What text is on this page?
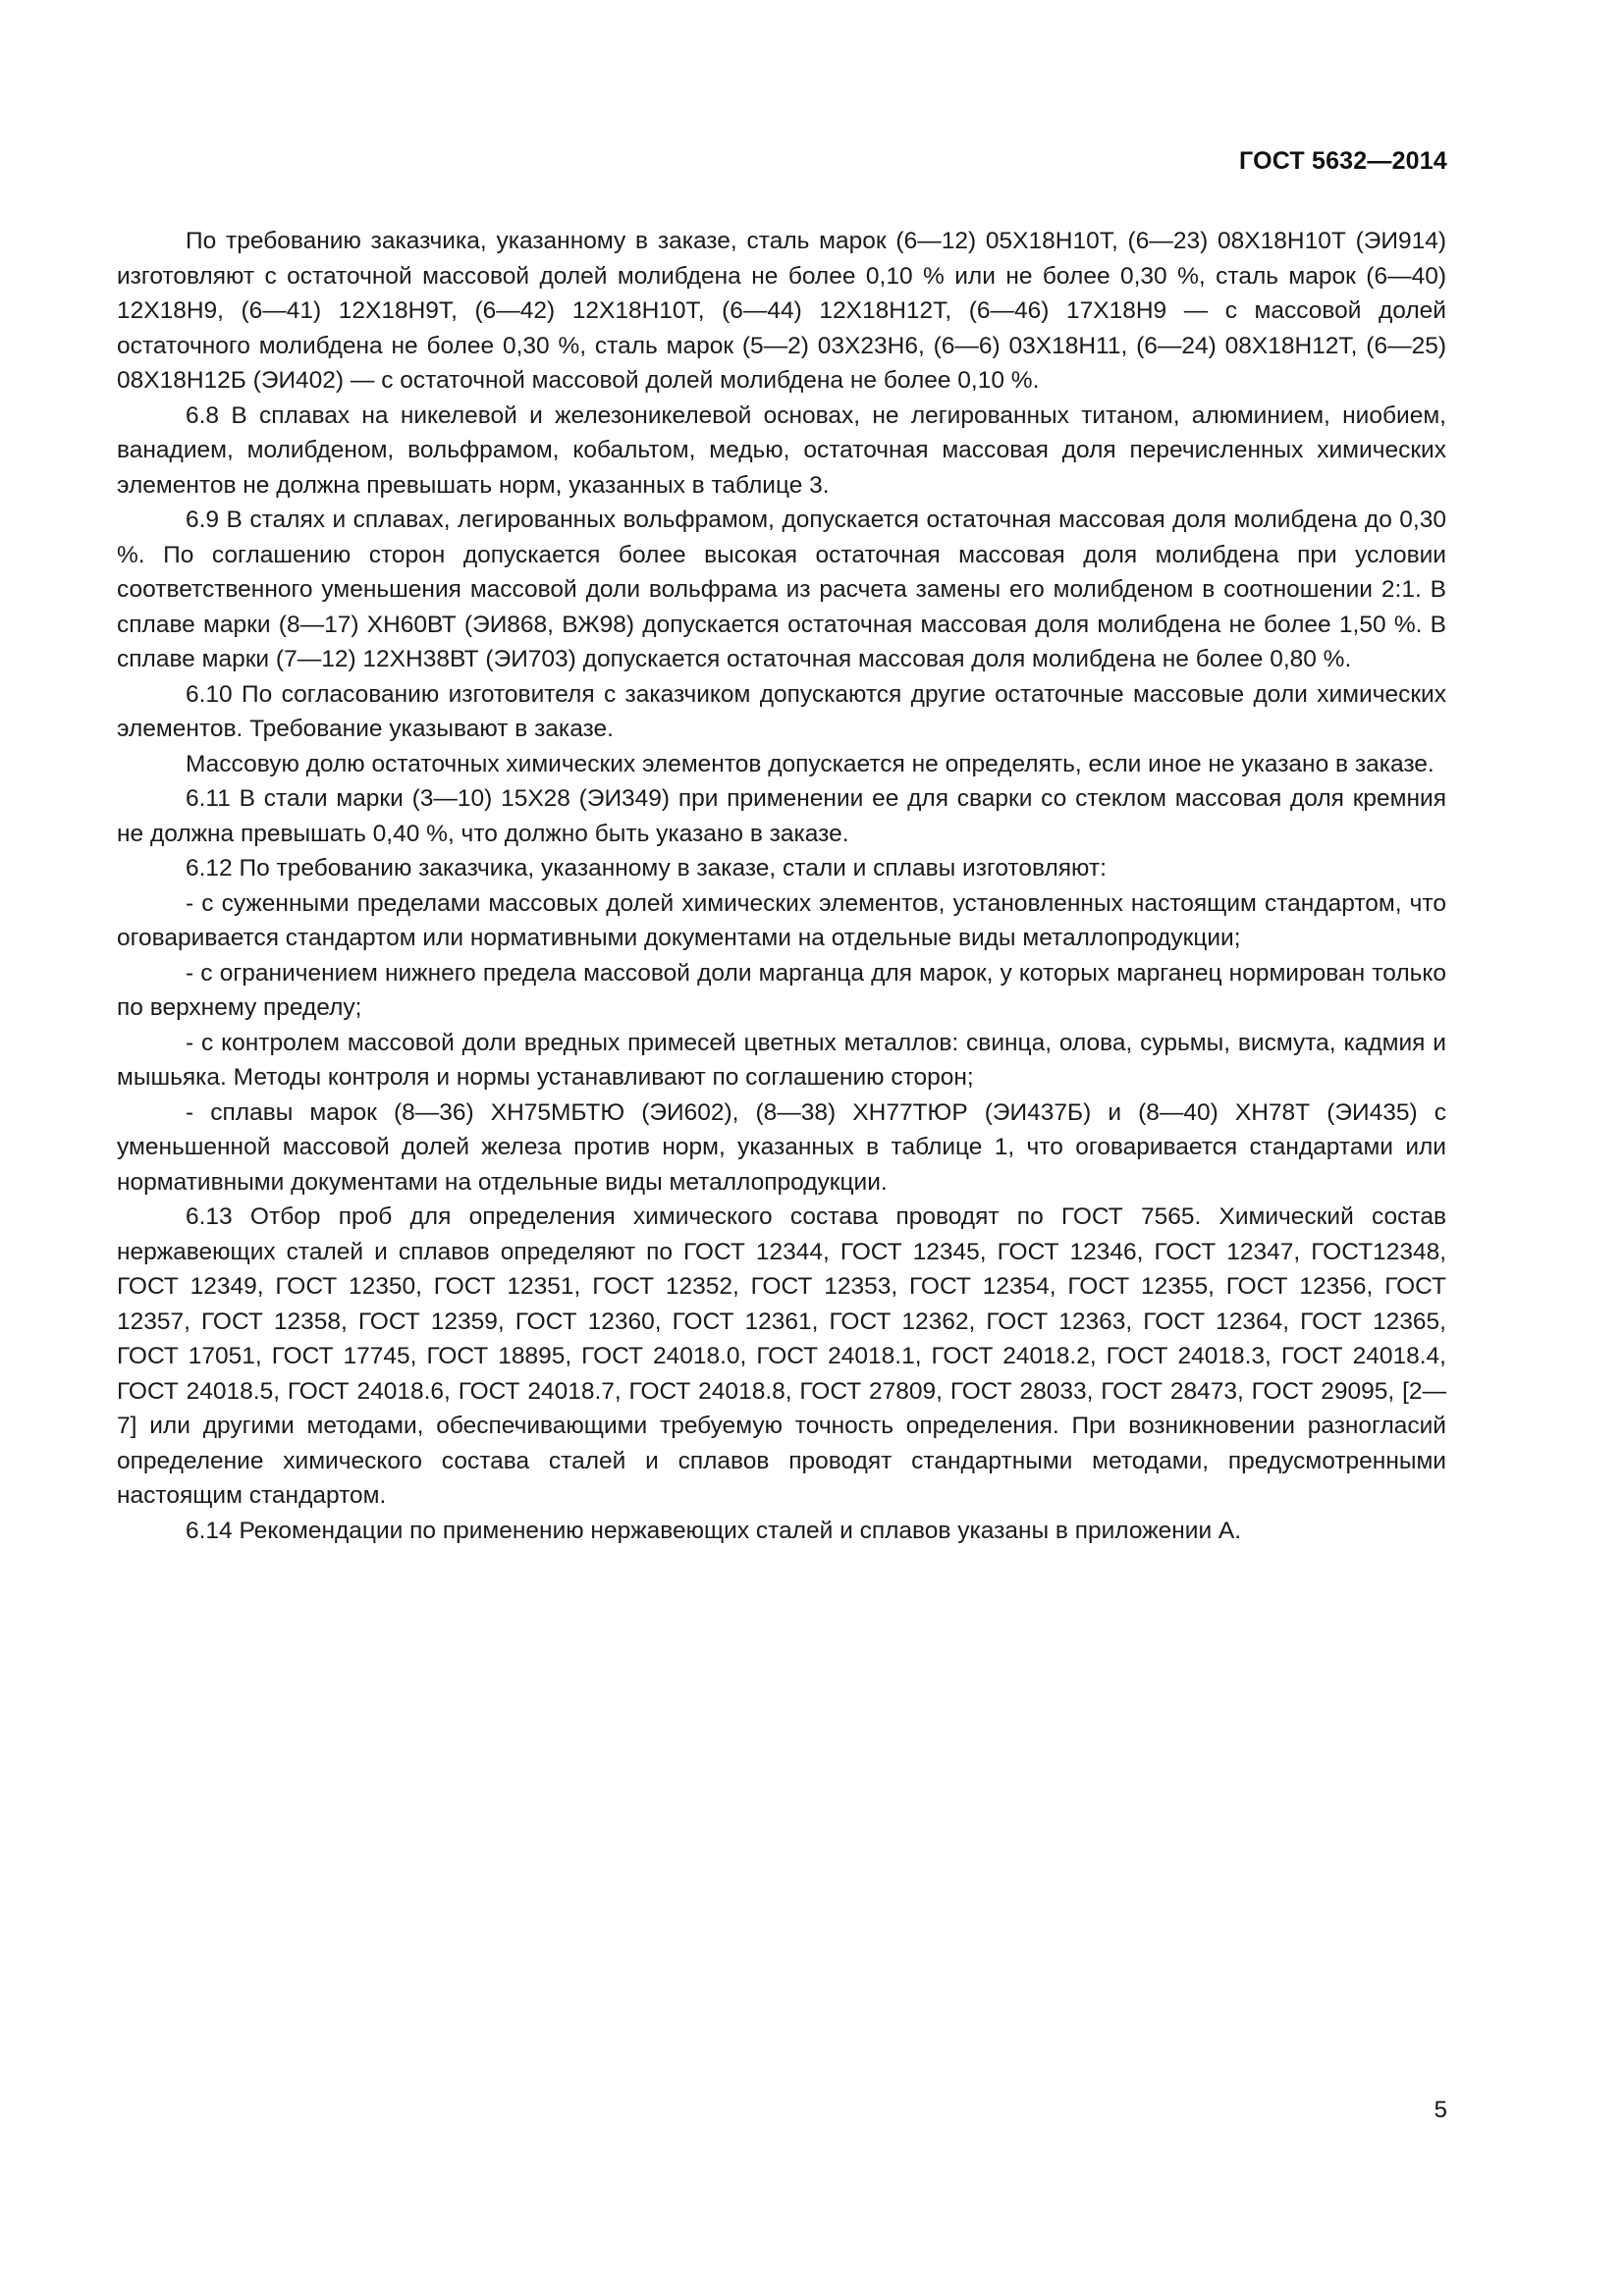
ГОСТ 5632—2014

По требованию заказчика, указанному в заказе, сталь марок (6—12) 05Х18Н10Т, (6—23) 08Х18Н10Т (ЭИ914) изготовляют с остаточной массовой долей молибдена не более 0,10 % или не более 0,30 %, сталь марок (6—40) 12Х18Н9, (6—41) 12Х18Н9Т, (6—42) 12Х18Н10Т, (6—44) 12Х18Н12Т, (6—46) 17Х18Н9 — с массовой долей остаточного молибдена не более 0,30 %, сталь марок (5—2) 03Х23Н6, (6—6) 03Х18Н11, (6—24) 08Х18Н12Т, (6—25) 08Х18Н12Б (ЭИ402) — с остаточной массовой долей молибдена не более 0,10 %.

6.8 В сплавах на никелевой и железоникелевой основах, не легированных титаном, алюминием, ниобием, ванадием, молибденом, вольфрамом, кобальтом, медью, остаточная массовая доля перечисленных химических элементов не должна превышать норм, указанных в таблице 3.

6.9 В сталях и сплавах, легированных вольфрамом, допускается остаточная массовая доля молибдена до 0,30 %. По соглашению сторон допускается более высокая остаточная массовая доля молибдена при условии соответственного уменьшения массовой доли вольфрама из расчета замены его молибденом в соотношении 2:1. В сплаве марки (8—17) ХН60ВТ (ЭИ868, ВЖ98) допускается остаточная массовая доля молибдена не более 1,50 %. В сплаве марки (7—12) 12ХН38ВТ (ЭИ703) допускается остаточная массовая доля молибдена не более 0,80 %.

6.10 По согласованию изготовителя с заказчиком допускаются другие остаточные массовые доли химических элементов. Требование указывают в заказе.

Массовую долю остаточных химических элементов допускается не определять, если иное не указано в заказе.

6.11 В стали марки (3—10) 15Х28 (ЭИ349) при применении ее для сварки со стеклом массовая доля кремния не должна превышать 0,40 %, что должно быть указано в заказе.

6.12 По требованию заказчика, указанному в заказе, стали и сплавы изготовляют:

- с суженными пределами массовых долей химических элементов, установленных настоящим стандартом, что оговаривается стандартом или нормативными документами на отдельные виды металлопродукции;

- с ограничением нижнего предела массовой доли марганца для марок, у которых марганец нормирован только по верхнему пределу;

- с контролем массовой доли вредных примесей цветных металлов: свинца, олова, сурьмы, висмута, кадмия и мышьяка. Методы контроля и нормы устанавливают по соглашению сторон;

- сплавы марок (8—36) ХН75МБТЮ (ЭИ602), (8—38) ХН77ТЮР (ЭИ437Б) и (8—40) ХН78Т (ЭИ435) с уменьшенной массовой долей железа против норм, указанных в таблице 1, что оговаривается стандартами или нормативными документами на отдельные виды металлопродукции.

6.13 Отбор проб для определения химического состава проводят по ГОСТ 7565. Химический состав нержавеющих сталей и сплавов определяют по ГОСТ 12344, ГОСТ 12345, ГОСТ 12346, ГОСТ 12347, ГОСТ12348, ГОСТ 12349, ГОСТ 12350, ГОСТ 12351, ГОСТ 12352, ГОСТ 12353, ГОСТ 12354, ГОСТ 12355, ГОСТ 12356, ГОСТ 12357, ГОСТ 12358, ГОСТ 12359, ГОСТ 12360, ГОСТ 12361, ГОСТ 12362, ГОСТ 12363, ГОСТ 12364, ГОСТ 12365, ГОСТ 17051, ГОСТ 17745, ГОСТ 18895, ГОСТ 24018.0, ГОСТ 24018.1, ГОСТ 24018.2, ГОСТ 24018.3, ГОСТ 24018.4, ГОСТ 24018.5, ГОСТ 24018.6, ГОСТ 24018.7, ГОСТ 24018.8, ГОСТ 27809, ГОСТ 28033, ГОСТ 28473, ГОСТ 29095, [2—7] или другими методами, обеспечивающими требуемую точность определения. При возникновении разногласий определение химического состава сталей и сплавов проводят стандартными методами, предусмотренными настоящим стандартом.

6.14 Рекомендации по применению нержавеющих сталей и сплавов указаны в приложении А.

5
